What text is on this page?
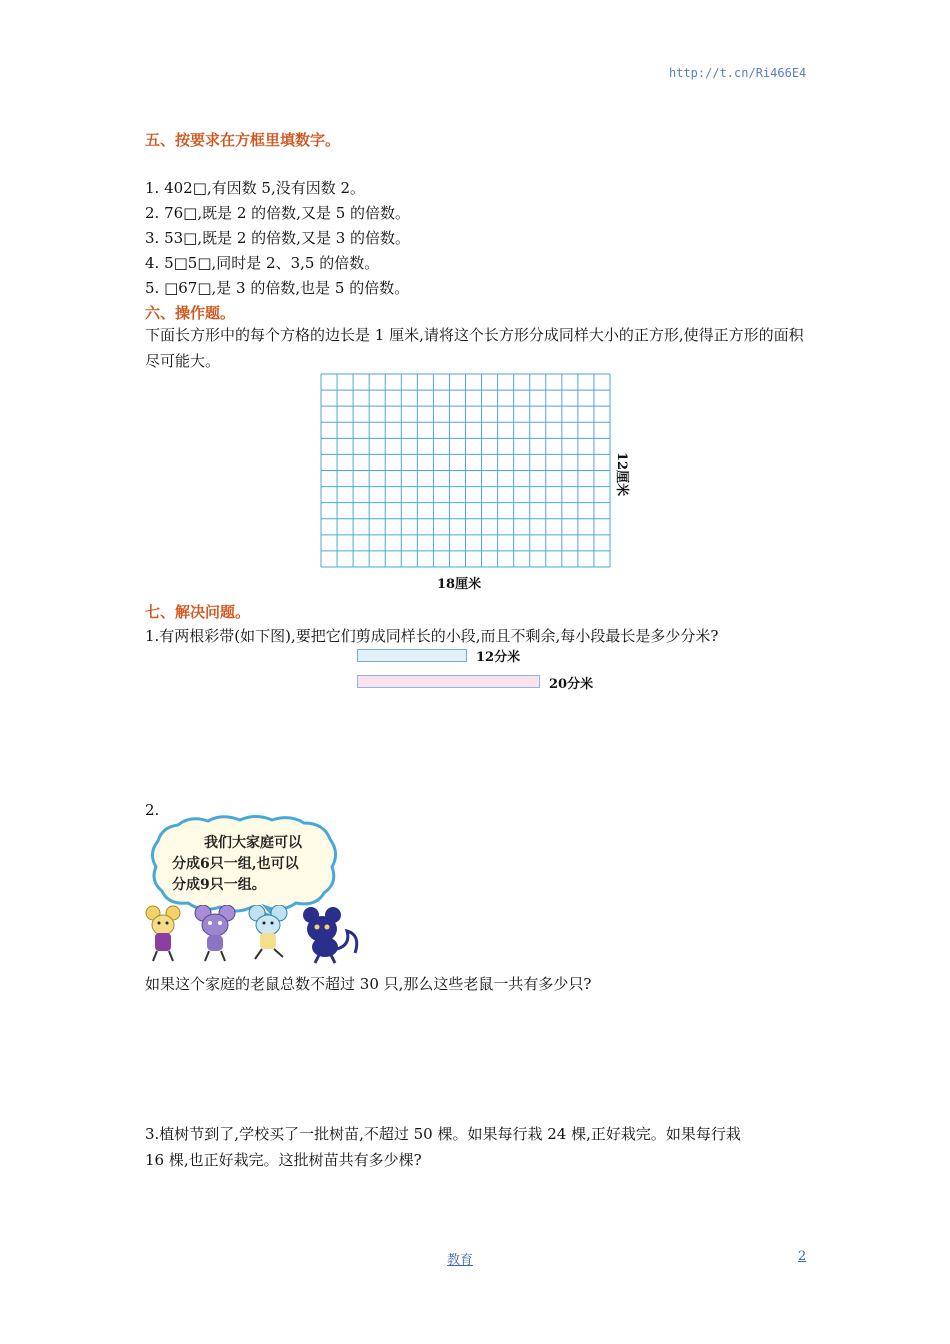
http://t.cn/Ri466E4
五、按要求在方框里填数字。
1. 402□,有因数 5,没有因数 2。
2. 76□,既是 2 的倍数,又是 5 的倍数。
3. 53□,既是 2 的倍数,又是 3 的倍数。
4. 5□5□,同时是 2、3,5 的倍数。
5. □67□,是 3 的倍数,也是 5 的倍数。
六、操作题。
下面长方形中的每个方格的边长是 1 厘米,请将这个长方形分成同样大小的正方形,使得正方形的面积尽可能大。
12厘米
18厘米
七、解决问题。
1.有两根彩带(如下图),要把它们剪成同样长的小段,而且不剩余,每小段最长是多少分米?
12分米
20分米
2.
我们大家庭可以
分成6只一组,也可以
分成9只一组。
如果这个家庭的老鼠总数不超过 30 只,那么这些老鼠一共有多少只?
3.植树节到了,学校买了一批树苗,不超过 50 棵。如果每行栽 24 棵,正好栽完。如果每行栽
16 棵,也正好栽完。这批树苗共有多少棵?
教育	2
